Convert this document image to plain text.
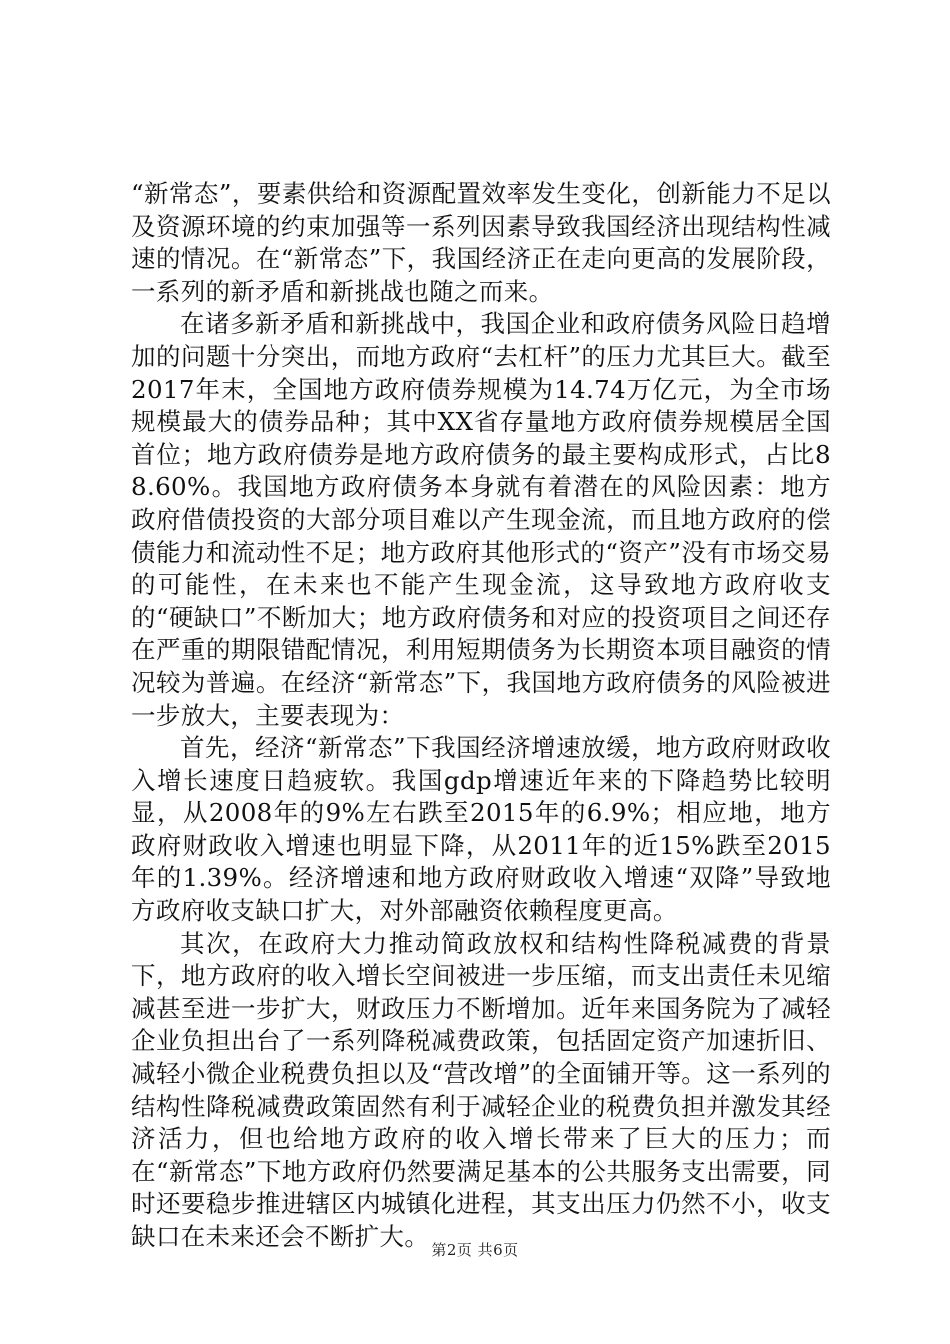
“新常态”，要素供给和资源配置效率发生变化，创新能力不足以及资源环境的约束加强等一系列因素导致我国经济出现结构性减速的情况。在“新常态”下，我国经济正在走向更高的发展阶段，一系列的新矛盾和新挑战也随之而来。

在诸多新矛盾和新挑战中，我国企业和政府债务风险日趋增加的问题十分突出，而地方政府“去杠杆”的压力尤其巨大。截至2017年末，全国地方政府债券规模为14.74万亿元，为全市场规模最大的债券品种；其中XX省存量地方政府债券规模居全国首位；地方政府债券是地方政府债务的最主要构成形式，占比88.60%。我国地方政府债务本身就有着潜在的风险因素：地方政府借债投资的大部分项目难以产生现金流，而且地方政府的偿债能力和流动性不足；地方政府其他形式的“资产”没有市场交易的可能性，在未来也不能产生现金流，这导致地方政府收支的“硬缺口”不断加大；地方政府债务和对应的投资项目之间还存在严重的期限错配情况，利用短期债务为长期资本项目融资的情况较为普遍。在经济“新常态”下，我国地方政府债务的风险被进一步放大，主要表现为：

首先，经济“新常态”下我国经济增速放缓，地方政府财政收入增长速度日趋疲软。我国gdp增速近年来的下降趋势比较明显，从2008年的9%左右跌至2015年的6.9%；相应地，地方政府财政收入增速也明显下降，从2011年的近15%跌至2015年的1.39%。经济增速和地方政府财政收入增速“双降”导致地方政府收支缺口扩大，对外部融资依赖程度更高。

其次，在政府大力推动简政放权和结构性降税减费的背景下，地方政府的收入增长空间被进一步压缩，而支出责任未见缩减甚至进一步扩大，财政压力不断增加。近年来国务院为了减轻企业负担出台了一系列降税减费政策，包括固定资产加速折旧、减轻小微企业税费负担以及“营改增”的全面铺开等。这一系列的结构性降税减费政策固然有利于减轻企业的税费负担并激发其经济活力，但也给地方政府的收入增长带来了巨大的压力；而在“新常态”下地方政府仍然要满足基本的公共服务支出需要，同时还要稳步推进辖区内城镇化进程，其支出压力仍然不小，收支缺口在未来还会不断扩大。 第2页 共6页
